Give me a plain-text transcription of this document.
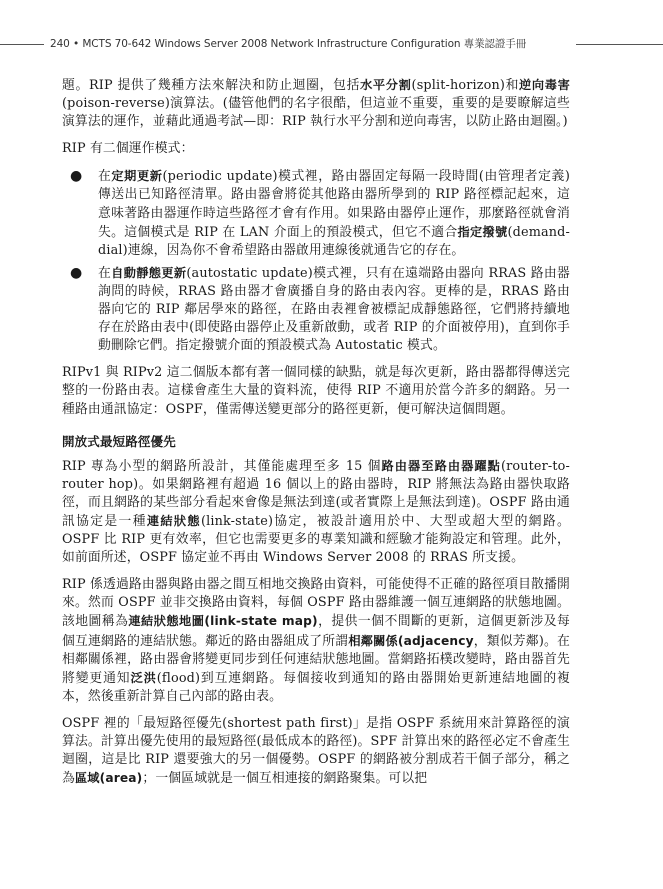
240 • MCTS 70-642 Windows Server 2008 Network Infrastructure Configuration 專業認證手冊

題。RIP 提供了幾種方法來解決和防止迴圈，包括水平分割(split-horizon)和逆向毒害(poison-reverse)演算法。(儘管他們的名字很酷，但這並不重要，重要的是要瞭解這些演算法的運作，並藉此通過考試—即：RIP 執行水平分割和逆向毒害，以防止路由迴圈。)

RIP 有二個運作模式：

● 在定期更新(periodic update)模式裡，路由器固定每隔一段時間(由管理者定義)傳送出已知路徑清單。路由器會將從其他路由器所學到的 RIP 路徑標記起來，這意味著路由器運作時這些路徑才會有作用。如果路由器停止運作，那麼路徑就會消失。這個模式是 RIP 在 LAN 介面上的預設模式，但它不適合指定撥號(demand-dial)連線，因為你不會希望路由器啟用連線後就通告它的存在。
● 在自動靜態更新(autostatic update)模式裡，只有在遠端路由器向 RRAS 路由器詢問的時候，RRAS 路由器才會廣播自身的路由表內容。更棒的是，RRAS 路由器向它的 RIP 鄰居學來的路徑，在路由表裡會被標記成靜態路徑，它們將持續地存在於路由表中(即使路由器停止及重新啟動，或者 RIP 的介面被停用)，直到你手動刪除它們。指定撥號介面的預設模式為 Autostatic 模式。

RIPv1 與 RIPv2 這二個版本都有著一個同樣的缺點，就是每次更新，路由器都得傳送完整的一份路由表。這樣會產生大量的資料流，使得 RIP 不適用於當今許多的網路。另一種路由通訊協定：OSPF，僅需傳送變更部分的路徑更新，便可解決這個問題。

開放式最短路徑優先

RIP 專為小型的網路所設計，其僅能處理至多 15 個路由器至路由器躍點(router-to-router hop)。如果網路裡有超過 16 個以上的路由器時，RIP 將無法為路由器快取路徑，而且網路的某些部分看起來會像是無法到達(或者實際上是無法到達)。OSPF 路由通訊協定是一種連結狀態(link-state)協定，被設計適用於中、大型或超大型的網路。OSPF 比 RIP 更有效率，但它也需要更多的專業知識和經驗才能夠設定和管理。此外，如前面所述，OSPF 協定並不再由 Windows Server 2008 的 RRAS 所支援。

RIP 係透過路由器與路由器之間互相地交換路由資料，可能使得不正確的路徑項目散播開來。然而 OSPF 並非交換路由資料，每個 OSPF 路由器維護一個互連網路的狀態地圖。該地圖稱為連結狀態地圖(link-state map)，提供一個不間斷的更新，這個更新涉及每個互連網路的連結狀態。鄰近的路由器組成了所謂相鄰關係(adjacency，類似芳鄰)。在相鄰關係裡，路由器會將變更同步到任何連結狀態地圖。當網路拓樸改變時，路由器首先將變更通知泛洪(flood)到互連網路。每個接收到通知的路由器開始更新連結地圖的複本，然後重新計算自己內部的路由表。

OSPF 裡的「最短路徑優先(shortest path first)」是指 OSPF 系統用來計算路徑的演算法。計算出優先使用的最短路徑(最低成本的路徑)。SPF 計算出來的路徑必定不會產生迴圈，這是比 RIP 還要強大的另一個優勢。OSPF 的網路被分割成若干個子部分，稱之為區域(area)；一個區域就是一個互相連接的網路聚集。可以把
